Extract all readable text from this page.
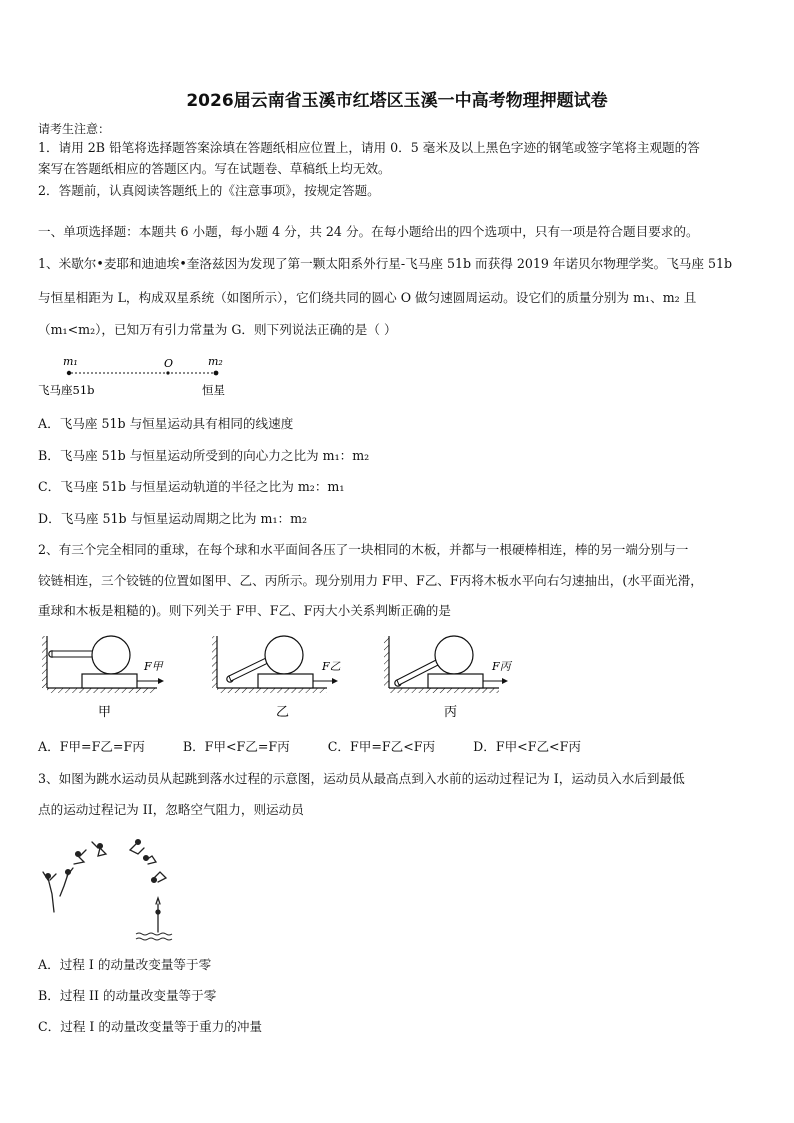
2026届云南省玉溪市红塔区玉溪一中高考物理押题试卷
请考生注意：
1．请用 2B 铅笔将选择题答案涂填在答题纸相应位置上，请用 0．5 毫米及以上黑色字迹的钢笔或签字笔将主观题的答
案写在答题纸相应的答题区内。写在试题卷、草稿纸上均无效。
2．答题前，认真阅读答题纸上的《注意事项》，按规定答题。
一、单项选择题：本题共 6 小题，每小题 4 分，共 24 分。在每小题给出的四个选项中，只有一项是符合题目要求的。
1、米歇尔•麦耶和迪迪埃•奎洛兹因为发现了第一颗太阳系外行星-飞马座 51b 而获得 2019 年诺贝尔物理学奖。飞马座 51b
与恒星相距为 L，构成双星系统（如图所示），它们绕共同的圆心 O 做匀速圆周运动。设它们的质量分别为 m₁、m₂ 且
（m₁<m₂），已知万有引力常量为 G．则下列说法正确的是（ ）
m₁	O	m₂
飞马座51b	恒星
A．飞马座 51b 与恒星运动具有相同的线速度
B．飞马座 51b 与恒星运动所受到的向心力之比为 m₁：m₂
C．飞马座 51b 与恒星运动轨道的半径之比为 m₂：m₁
D．飞马座 51b 与恒星运动周期之比为 m₁：m₂
2、有三个完全相同的重球，在每个球和水平面间各压了一块相同的木板，并都与一根硬棒相连，棒的另一端分别与一
铰链相连，三个铰链的位置如图甲、乙、丙所示。现分别用力 F甲、F乙、F丙将木板水平向右匀速抽出，(水平面光滑，
重球和木板是粗糙的)。则下列关于 F甲、F乙、F丙大小关系判断正确的是
F甲
甲
F乙
乙
F丙
丙
A．F甲=F乙=F丙	B．F甲<F乙=F丙	C．F甲=F乙<F丙	D．F甲<F乙<F丙
3、如图为跳水运动员从起跳到落水过程的示意图，运动员从最高点到入水前的运动过程记为 I，运动员入水后到最低
点的运动过程记为 II，忽略空气阻力，则运动员
A．过程 I 的动量改变量等于零
B．过程 II 的动量改变量等于零
C．过程 I 的动量改变量等于重力的冲量
